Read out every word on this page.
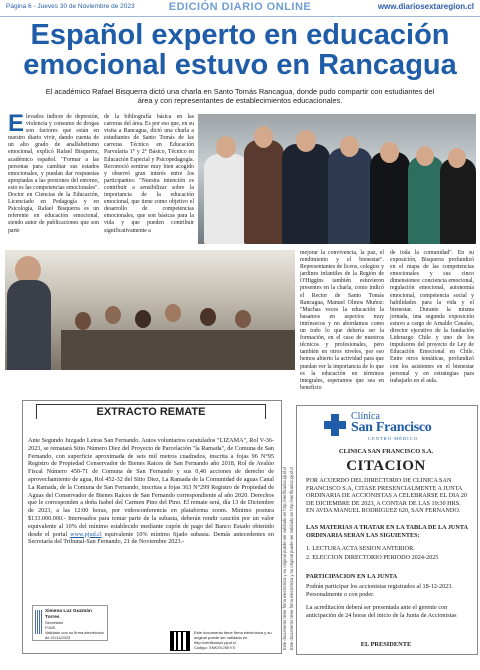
Página 6 - Jueves 30 de Noviembre de 2023	EDICIÓN DIARIO ONLINE	www.diariosextaregion.cl
Español experto en educación emocional estuvo en Rancagua
El académico Rafael Bisquerra dictó una charla en Santo Tomás Rancagua, donde pudo compartir con estudiantes del área y con representantes de establecimientos educacionales.
Elevados índices de depresión, violencia y consumo de drogas son factores que están en nuestro diario vivir, dando cuenta de un alto grado de analfabetismo emocional, explicó Rafael Bisquerra, académico español. "Formar a las personas para cambiar sus estados emocionales, y puedan dar respuestas apropiadas a las presiones del entorno, esto es las competencias emocionales". Doctor en Ciencias de la Educación, Licenciado en Pedagogía y en Psicología, Rafael Bisquerra es un referente en educación emocional, siendo autor de publicaciones que son parte
de la bibliografía básica en las carreras del área. Es por eso que, en su visita a Rancagua, dictó una charla a estudiantes de Santo Tomás de las carreras Técnico en Educación Parvularia 1° y 2° Básico, Técnico en Educación Especial y Psicopedagogía. Reconoció sentirse muy bien acogido y observó gran interés entre los participantes: "Nuestra intención es contribuir a sensibilizar sobre la importancia de la educación emocional, que tiene como objetivo el desarrollo de competencias emocionales, que son básicas para la vida y que pueden contribuir significativamente a
mejorar la convivencia, la paz, el rendimiento y el bienestar". Representantes de liceos, colegios y jardines infantiles de la Región de O'Higgins también estuvieron presentes en la charla, como indicó el Rector de Santo Tomás Rancagua, Manuel Olmos Muñoz: "Muchas veces la educación la basamos en aspectos muy intrínsecos y no abordamos como un todo lo que debería ser la formación, en el caso de nuestros técnicos y profesionales, pero también en otros niveles, por eso hemos abierto la actividad para que puedan ver la importancia de lo que es la educación en términos integrales, esperamos que sea en beneficio
de toda la comunidad". En su exposición, Bisquerra profundizó en el mapa de las competencias emocionales y sus cinco dimensiones: conciencia emocional, regulación emocional, autonomía emocional, competencia social y habilidades para la vida y el bienestar. Durante la misma jornada, una segunda exposición estuvo a cargo de Arnaldo Canales, director ejecutivo de la fundación Liderazgo Chile y uno de los impulsores del proyecto de Ley de Educación Emocional en Chile. Entre otros temáticas, profundizó con los asistentes en el bienestar personal y en estrategias para trabajarlo en el aula.
EXTRACTO REMATE
Ante Segundo Juzgado Letras San Fernando. Autos voluntarios caratulados "LIZAMA", Rol V-36-2023, se rematará Sitio Número Diez del Proyecto de Parcelación "la Ramada", de Comuna de San Fernando, con superficie aproximada de seis mil metros cuadrados, inscrita a fojas 96 N°95 Registro de Propiedad Conservador de Bienes Raíces de San Fernando año 2018, Rol de Avalúo Fiscal Número 450-71 de Comuna de San Fernando y sus 0,40 acciones de derecho de aprovechamiento de agua, Rol 452-32 del Sitio Diez, La Ramada de la Comunidad de aguas Canal La Ramada, de la Comuna de San Fernando, inscritas a fojas 363 N°299 Registro de Propiedad de Aguas del Conservador de Bienes Raíces de San Fernando correspondiente al año 2020. Derechos que le corresponden a doña Isabel del Carmen Pino del Pino. El remate será, día 13 de Diciembre de 2023, a las 12:00 horas, por videoconferencia en plataforma zoom. Mínimo postura $133.000.000.- Interesados para tomar parte de la subasta, deberán rendir caución por un valor equivalente al 10% del mínimo establecido mediante cupón de pago del Banco Estado obtenido desde el portal www.pjud.cl equivalente 10% mínimo fijado subasta. Demás antecedentes en Secretaría del Tribunal-San Fernando, 21 de Noviembre 2023.-
Ximena Luz Guzmán Torres
Secretario
PJUD
Validado con su firma electrónica de 21/11/2023
Este documento tiene firma electrónica y su original puede ser validado en http://verificadoc.pjud.cl
Código: XNKXVJSKYX	Este documento tiene firma electrónica y su original puede ser validado en http://verificadoc.pjud.cl Este documento tiene firma electrónica y su original puede ser validado en http://verificadoc.pjud.cl
Clínica
San Francisco
CENTRO MÉDICO
CLINICA SAN FRANCISCO S.A.
CITACION
POR ACUERDO DEL DIRECTORIO DE CLINICA SAN FRANCISCO S.A, CITASE PRESENCIALMENTE A JUNTA ORDINARIA DE ACCIONISTAS A CELEBRARSE EL DIA 20 DE DICIEMBRE DE 2023, A CONTAR DE LAS 19:30 HRS. EN AVDA MANUEL RODRIGUEZ 620, SAN FERNANDO.
LAS MATERIAS A TRATAR EN LA TABLA DE LA JUNTA ORDINARIA SERAN LAS SIGUIENTES:
1. LECTURA ACTA SESION ANTERIOR.
2. ELECCION DIRECTORIO PERIODO 2024-2025
PARTICIPACION EN LA JUNTA
Podrán participar los accionistas registrados al 18-12-2023. Personalmente o con poder.
La acreditación deberá ser presentada ante el gerente con anticipación de 24 horas del inicio de la Junta de Accionistas
EL PRESIDENTE
